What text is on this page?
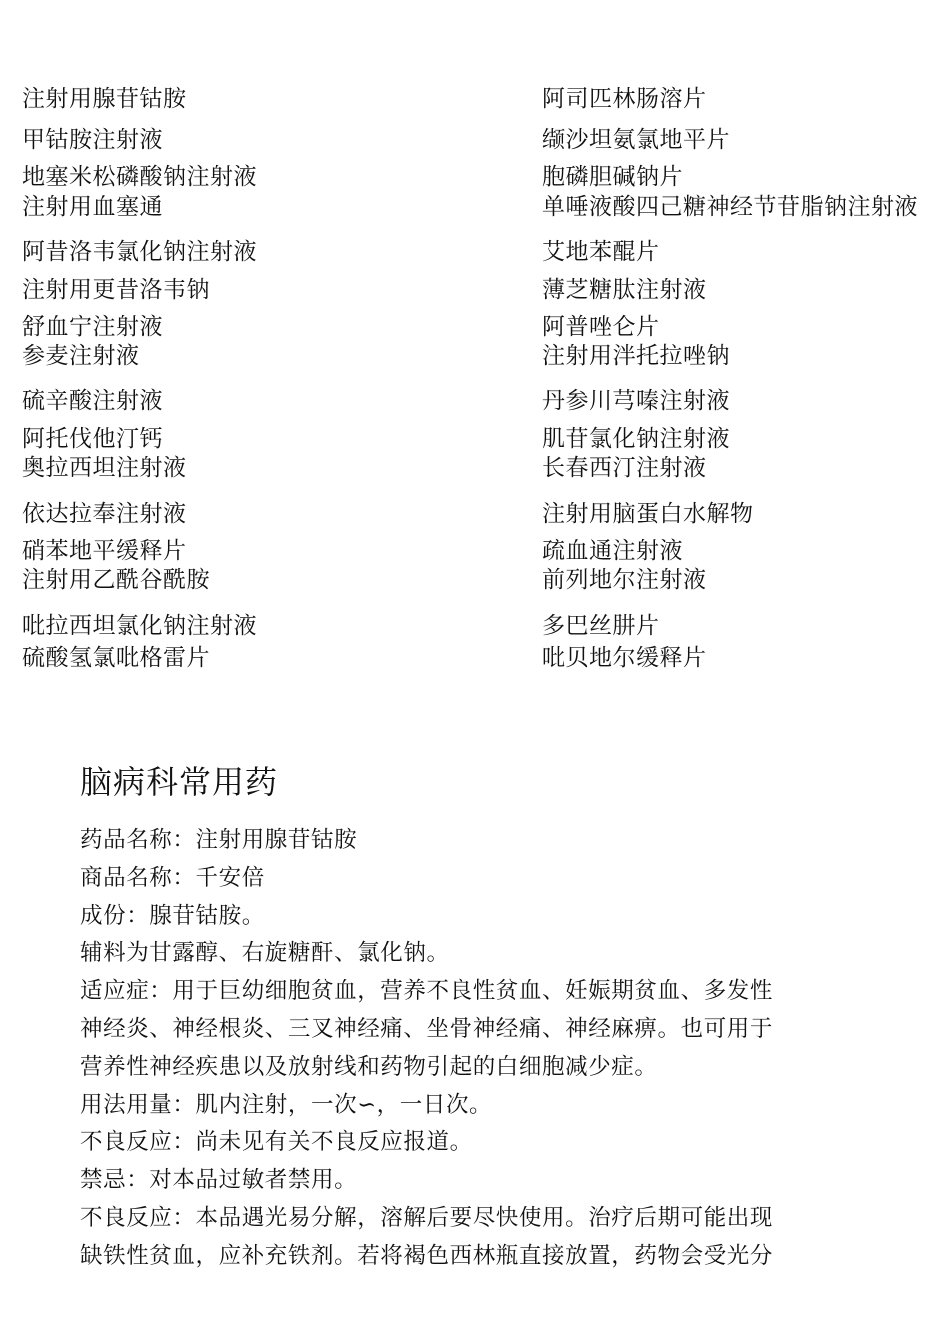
注射用腺苷钴胺
甲钴胺注射液
地塞米松磷酸钠注射液
注射用血塞通
阿昔洛韦氯化钠注射液
注射用更昔洛韦钠
舒血宁注射液
参麦注射液
硫辛酸注射液
阿托伐他汀钙
奥拉西坦注射液
依达拉奉注射液
硝苯地平缓释片
注射用乙酰谷酰胺
吡拉西坦氯化钠注射液
硫酸氢氯吡格雷片
阿司匹林肠溶片
缬沙坦氨氯地平片
胞磷胆碱钠片
单唾液酸四己糖神经节苷脂钠注射液
艾地苯醌片
薄芝糖肽注射液
阿普唑仑片
注射用泮托拉唑钠
丹参川芎嗪注射液
肌苷氯化钠注射液
长春西汀注射液
注射用脑蛋白水解物
疏血通注射液
前列地尔注射液
多巴丝肼片
吡贝地尔缓释片
脑病科常用药
药品名称：注射用腺苷钴胺
商品名称：千安倍
成份：腺苷钴胺。
辅料为甘露醇、右旋糖酐、氯化钠。
适应症：用于巨幼细胞贫血，营养不良性贫血、妊娠期贫血、多发性
神经炎、神经根炎、三叉神经痛、坐骨神经痛、神经麻痹。也可用于
营养性神经疾患以及放射线和药物引起的白细胞减少症。
用法用量：肌内注射，一次∽，一日次。
不良反应：尚未见有关不良反应报道。
禁忌：对本品过敏者禁用。
不良反应：本品遇光易分解，溶解后要尽快使用。治疗后期可能出现
缺铁性贫血，应补充铁剂。若将褐色西林瓶直接放置，药物会受光分
